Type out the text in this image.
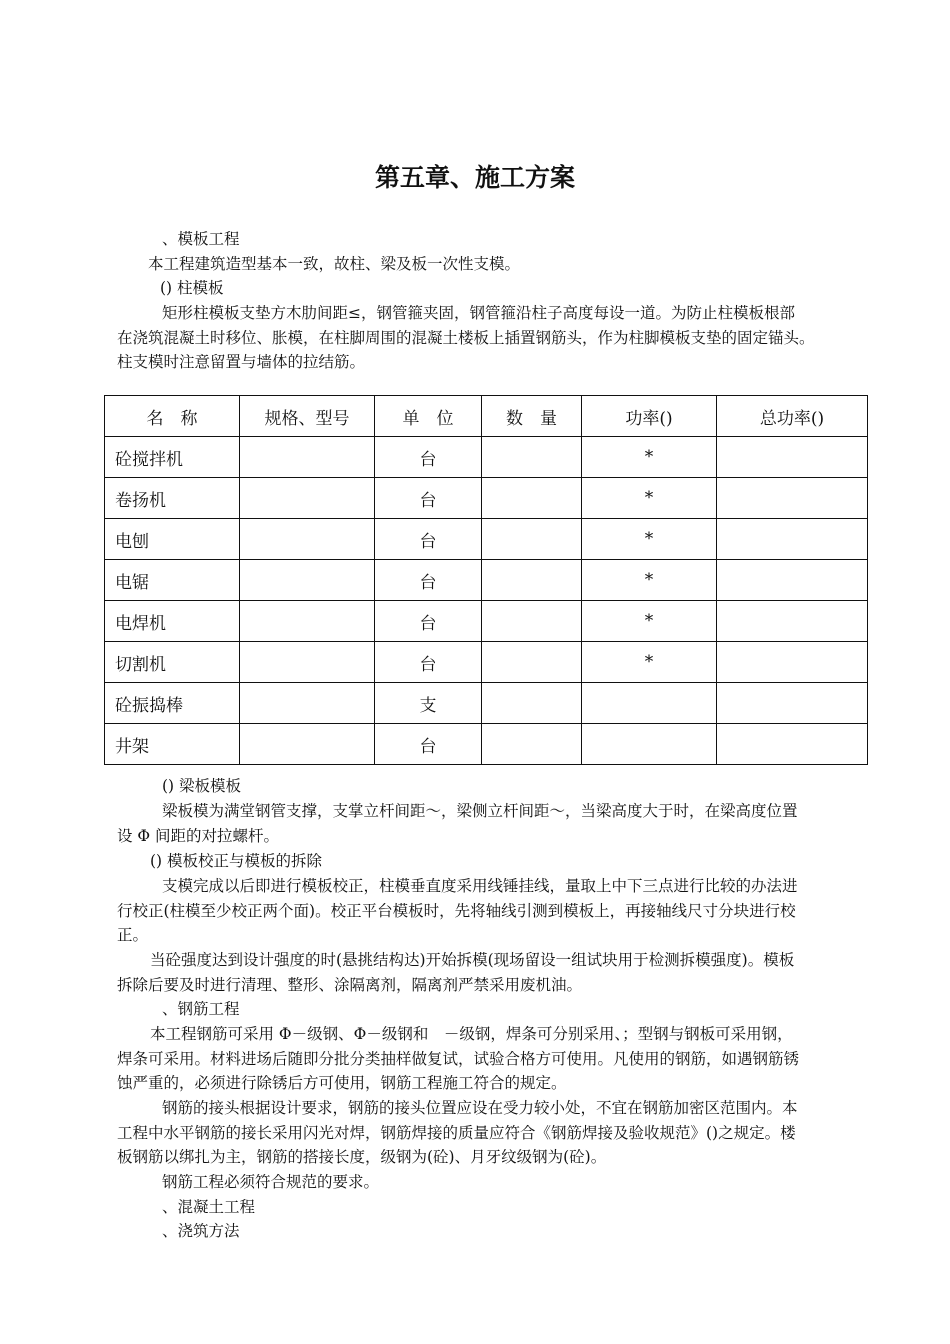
第五章、施工方案
、模板工程
本工程建筑造型基本一致，故柱、梁及板一次性支模。
() 柱模板
矩形柱模板支垫方木肋间距≤，钢管箍夹固，钢管箍沿柱子高度每设一道。为防止柱模板根部
在浇筑混凝土时移位、胀模，在柱脚周围的混凝土楼板上插置钢筋头，作为柱脚模板支垫的固定锚头。
柱支模时注意留置与墙体的拉结筋。
名　称	规格、型号	单　位	数　量	功率()	总功率()
砼搅拌机		台		*	
卷扬机		台		*	
电刨		台		*	
电锯		台		*	
电焊机		台		*	
切割机		台		*	
砼振捣棒		支			
井架		台			
() 梁板模板
梁板模为满堂钢管支撑，支掌立杆间距～，梁侧立杆间距～，当梁高度大于时，在梁高度位置
设 Φ 间距的对拉螺杆。
() 模板校正与模板的拆除
支模完成以后即进行模板校正，柱模垂直度采用线锤挂线，量取上中下三点进行比较的办法进
行校正(柱模至少校正两个面)。校正平台模板时，先将轴线引测到模板上，再接轴线尺寸分块进行校
正。
当砼强度达到设计强度的时(悬挑结构达)开始拆模(现场留设一组试块用于检测拆模强度)。模板
拆除后要及时进行清理、整形、涂隔离剂，隔离剂严禁采用废机油。
、钢筋工程
本工程钢筋可采用 Φ－级钢、Φ－级钢和　－级钢，焊条可分别采用、；型钢与钢板可采用钢，
焊条可采用。材料进场后随即分批分类抽样做复试，试验合格方可使用。凡使用的钢筋，如遇钢筋锈
蚀严重的，必须进行除锈后方可使用，钢筋工程施工符合的规定。
钢筋的接头根据设计要求，钢筋的接头位置应设在受力较小处，不宜在钢筋加密区范围内。本
工程中水平钢筋的接长采用闪光对焊，钢筋焊接的质量应符合《钢筋焊接及验收规范》()之规定。楼
板钢筋以绑扎为主，钢筋的搭接长度，级钢为(砼)、月牙纹级钢为(砼)。
钢筋工程必须符合规范的要求。
、混凝土工程
、浇筑方法
